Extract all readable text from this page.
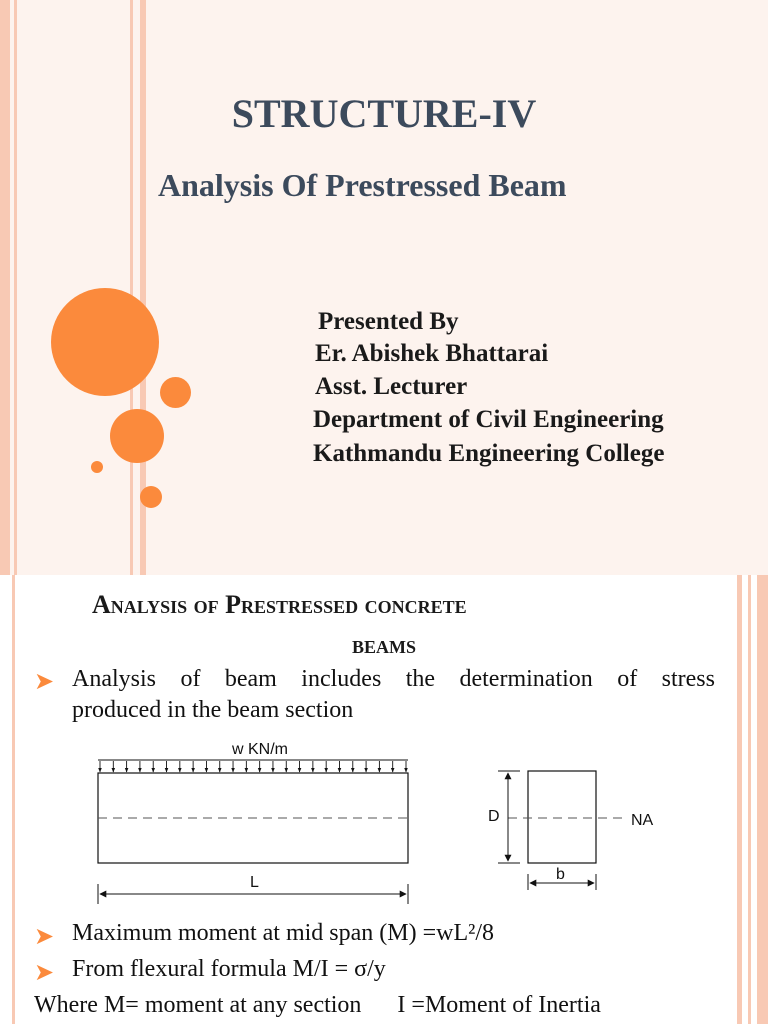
STRUCTURE-IV
Analysis Of Prestressed Beam
Presented By
Er. Abishek Bhattarai
Asst. Lecturer
Department of Civil Engineering
Kathmandu Engineering College
Analysis of Prestressed concrete
beams
➤ Analysis of beam includes the determination of stress
produced in the beam section
w KN/m
L
D
b
NA
➤ Maximum moment at mid span (M) =wL²/8
➤ From flexural formula M/I = σ/y
Where M= moment at any section      I =Moment of Inertia
